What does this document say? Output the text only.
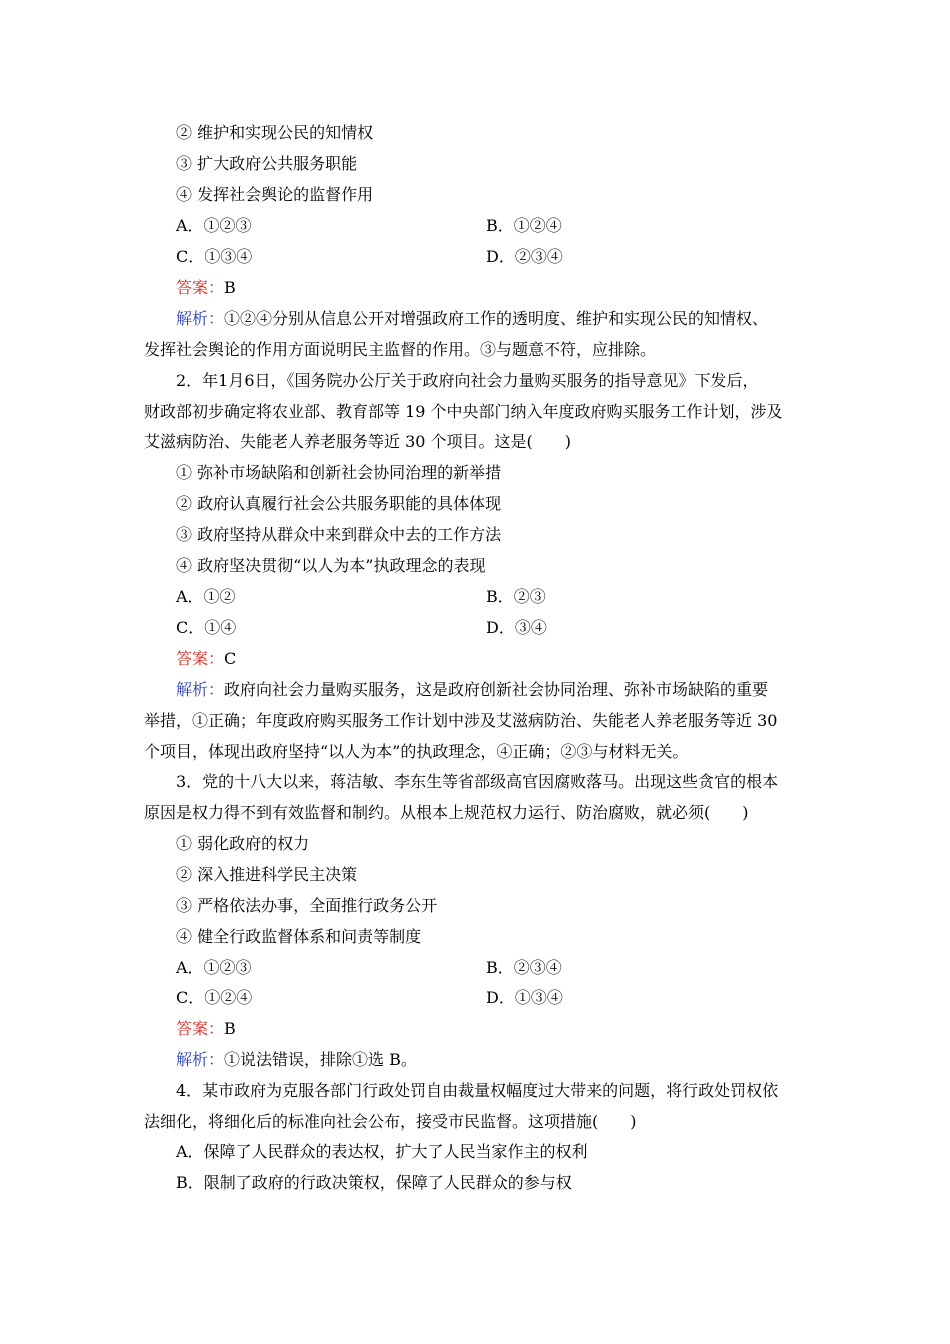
② 维护和实现公民的知情权
③ 扩大政府公共服务职能
④ 发挥社会舆论的监督作用
A．①②③	B．①②④
C．①③④	D．②③④
答案：B
解析：①②④分别从信息公开对增强政府工作的透明度、维护和实现公民的知情权、
发挥社会舆论的作用方面说明民主监督的作用。③与题意不符，应排除。
2．年1月6日，《国务院办公厅关于政府向社会力量购买服务的指导意见》下发后，
财政部初步确定将农业部、教育部等 19 个中央部门纳入年度政府购买服务工作计划，涉及
艾滋病防治、失能老人养老服务等近 30 个项目。这是(　　)
① 弥补市场缺陷和创新社会协同治理的新举措
② 政府认真履行社会公共服务职能的具体体现
③ 政府坚持从群众中来到群众中去的工作方法
④ 政府坚决贯彻“以人为本”执政理念的表现
A．①②	B．②③
C．①④	D．③④
答案：C
解析：政府向社会力量购买服务，这是政府创新社会协同治理、弥补市场缺陷的重要
举措，①正确；年度政府购买服务工作计划中涉及艾滋病防治、失能老人养老服务等近 30
个项目，体现出政府坚持“以人为本”的执政理念，④正确；②③与材料无关。
3．党的十八大以来，蒋洁敏、李东生等省部级高官因腐败落马。出现这些贪官的根本
原因是权力得不到有效监督和制约。从根本上规范权力运行、防治腐败，就必须(　　)
① 弱化政府的权力
② 深入推进科学民主决策
③ 严格依法办事，全面推行政务公开
④ 健全行政监督体系和问责等制度
A．①②③	B．②③④
C．①②④	D．①③④
答案：B
解析：①说法错误，排除①选 B。
4．某市政府为克服各部门行政处罚自由裁量权幅度过大带来的问题，将行政处罚权依
法细化，将细化后的标准向社会公布，接受市民监督。这项措施(　　)
A．保障了人民群众的表达权，扩大了人民当家作主的权利
B．限制了政府的行政决策权，保障了人民群众的参与权
